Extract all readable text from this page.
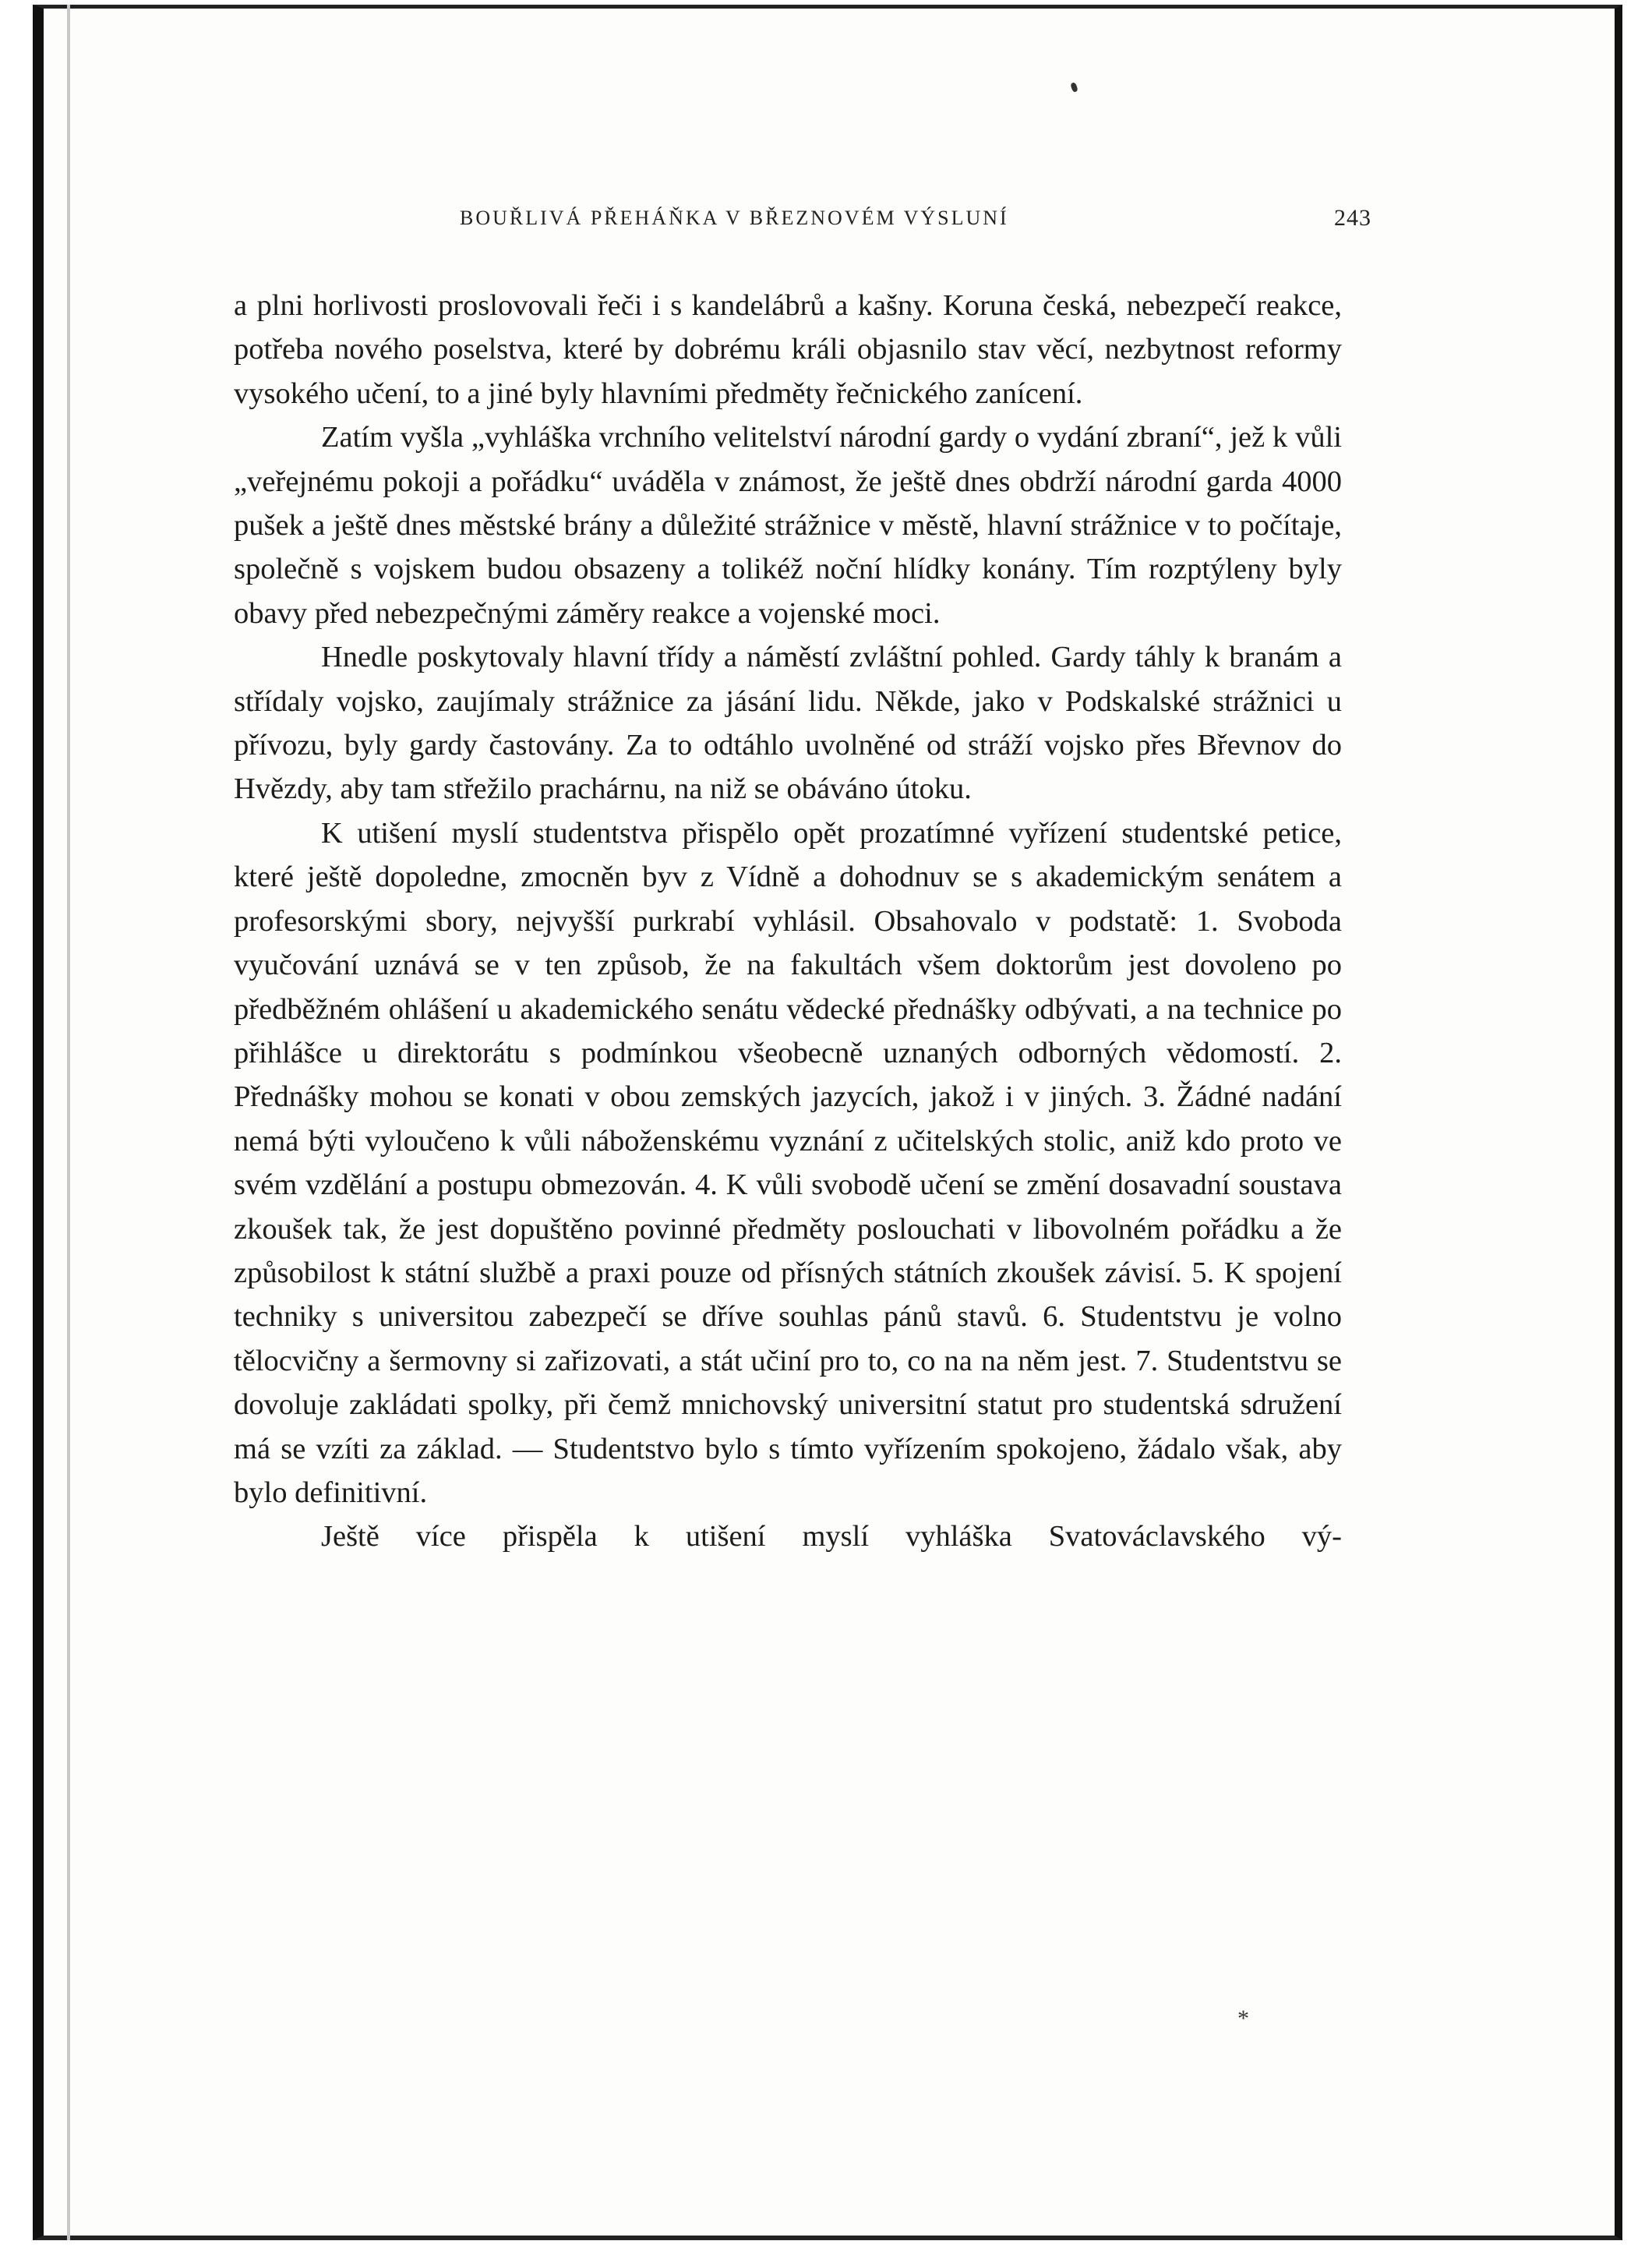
BOUŘLIVÁ PŘEHÁŇKA V BŘEZNOVÉM VÝSLUNÍ	243

a plni horlivosti proslovovali řeči i s kandelábrů a kašny. Koruna česká, nebezpečí reakce, potřeba nového poselstva, které by dobrému králi objasnilo stav věcí, nezbytnost reformy vysokého učení, to a jiné byly hlavními předměty řečnického zanícení.

Zatím vyšla „vyhláška vrchního velitelství národní gardy o vydání zbraní“, jež k vůli „veřejnému pokoji a pořádku“ uváděla v známost, že ještě dnes obdrží národní garda 4000 pušek a ještě dnes městské brány a důležité strážnice v městě, hlavní strážnice v to počítaje, společně s vojskem budou obsazeny a tolikéž noční hlídky konány. Tím rozptýleny byly obavy před nebezpečnými záměry reakce a vojenské moci.

Hnedle poskytovaly hlavní třídy a náměstí zvláštní pohled. Gardy táhly k branám a střídaly vojsko, zaujímaly strážnice za jásání lidu. Někde, jako v Podskalské strážnici u přívozu, byly gardy častovány. Za to odtáhlo uvolněné od stráží vojsko přes Břevnov do Hvězdy, aby tam střežilo prachárnu, na niž se obáváno útoku.

K utišení myslí studentstva přispělo opět prozatímné vyřízení studentské petice, které ještě dopoledne, zmocněn byv z Vídně a dohodnuv se s akademickým senátem a profesorskými sbory, nejvyšší purkrabí vyhlásil. Obsahovalo v podstatě: 1. Svoboda vyučování uznává se v ten způsob, že na fakultách všem doktorům jest dovoleno po předběžném ohlášení u akademického senátu vědecké přednášky odbývati, a na technice po přihlášce u direktorátu s podmínkou všeobecně uznaných odborných vědomostí. 2. Přednášky mohou se konati v obou zemských jazycích, jakož i v jiných. 3. Žádné nadání nemá býti vyloučeno k vůli náboženskému vyznání z učitelských stolic, aniž kdo proto ve svém vzdělání a postupu obmezován. 4. K vůli svobodě učení se změní dosavadní soustava zkoušek tak, že jest dopuštěno povinné předměty poslouchati v libovolném pořádku a že způsobilost k státní službě a praxi pouze od přísných státních zkoušek závisí. 5. K spojení techniky s universitou zabezpečí se dříve souhlas pánů stavů. 6. Studentstvu je volno tělocvičny a šermovny si zařizovati, a stát učiní pro to, co na na něm jest. 7. Studentstvu se dovoluje zakládati spolky, při čemž mnichovský universitní statut pro studentská sdružení má se vzíti za základ. — Studentstvo bylo s tímto vyřízením spokojeno, žádalo však, aby bylo definitivní.

Ještě více přispěla k utišení myslí vyhláška Svatováclavského vý-

*
